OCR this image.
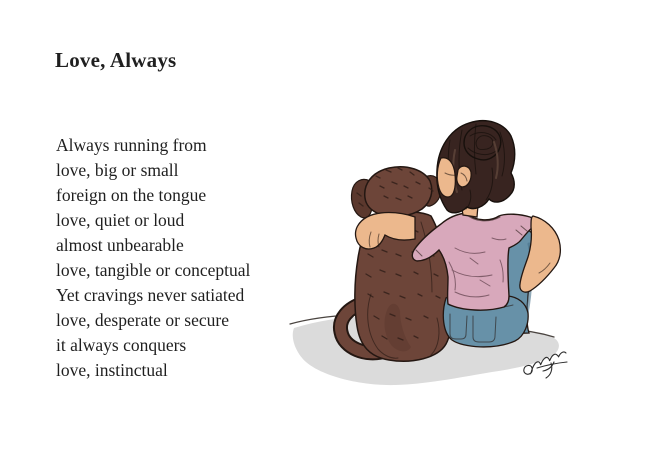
Love, Always
Always running from
love, big or small
foreign on the tongue
love, quiet or loud
almost unbearable
love, tangible or conceptual
Yet cravings never satiated
love, desperate or secure
it always conquers
love, instinctual
